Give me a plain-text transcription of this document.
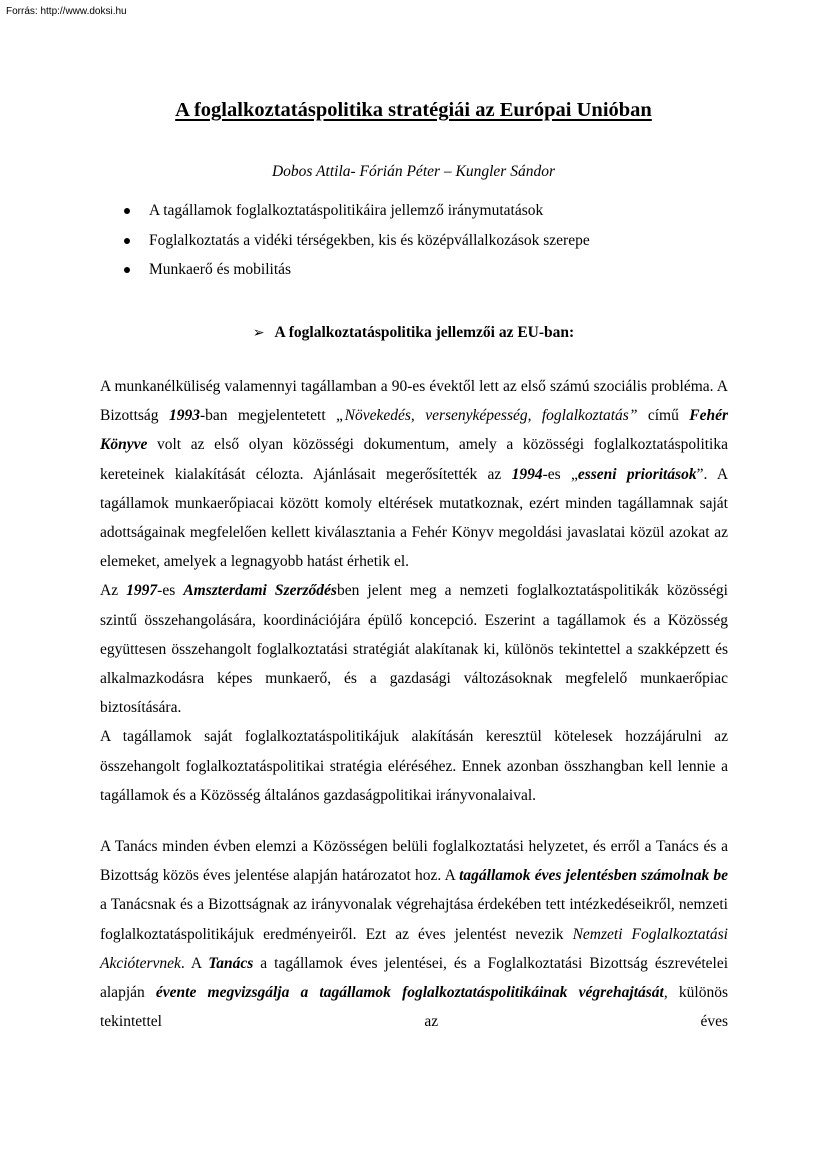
Forrás: http://www.doksi.hu
A foglalkoztatáspolitika stratégiái az Európai Unióban
Dobos Attila- Fórián Péter – Kungler Sándor
A tagállamok foglalkoztatáspolitikáira jellemző iránymutatások
Foglalkoztatás a vidéki térségekben, kis és középvállalkozások szerepe
Munkaerő és mobilitás
➢ A foglalkoztatáspolitika jellemzői az EU-ban:

A munkanélküliség valamennyi tagállamban a 90-es évektől lett az első számú szociális probléma. A Bizottság 1993-ban megjelentetett „Növekedés, versenyképesség, foglalkoztatás” című Fehér Könyve volt az első olyan közösségi dokumentum, amely a közösségi foglalkoztatáspolitika kereteinek kialakítását célozta. Ajánlásait megerősítették az 1994-es „esseni prioritások”. A tagállamok munkaerőpiacai között komoly eltérések mutatkoznak, ezért minden tagállamnak saját adottságainak megfelelően kellett kiválasztania a Fehér Könyv megoldási javaslatai közül azokat az elemeket, amelyek a legnagyobb hatást érhetik el.

Az 1997-es Amszterdami Szerződésben jelent meg a nemzeti foglalkoztatáspolitikák közösségi szintű összehangolására, koordinációjára épülő koncepció. Eszerint a tagállamok és a Közösség együttesen összehangolt foglalkoztatási stratégiát alakítanak ki, különös tekintettel a szakképzett és alkalmazkodásra képes munkaerő, és a gazdasági változásoknak megfelelő munkaerőpiac biztosítására.

A tagállamok saját foglalkoztatáspolitikájuk alakításán keresztül kötelesek hozzájárulni az összehangolt foglalkoztatáspolitikai stratégia eléréséhez. Ennek azonban összhangban kell lennie a tagállamok és a Közösség általános gazdaságpolitikai irányvonalaival.

A Tanács minden évben elemzi a Közösségen belüli foglalkoztatási helyzetet, és erről a Tanács és a Bizottság közös éves jelentése alapján határozatot hoz. A tagállamok éves jelentésben számolnak be a Tanácsnak és a Bizottságnak az irányvonalak végrehajtása érdekében tett intézkedéseikről, nemzeti foglalkoztatáspolitikájuk eredményeiről. Ezt az éves jelentést nevezik Nemzeti Foglalkoztatási Akciótervnek. A Tanács a tagállamok éves jelentései, és a Foglalkoztatási Bizottság észrevételei alapján évente megvizsgálja a tagállamok foglalkoztatáspolitikáinak végrehajtását, különös tekintettel az éves
